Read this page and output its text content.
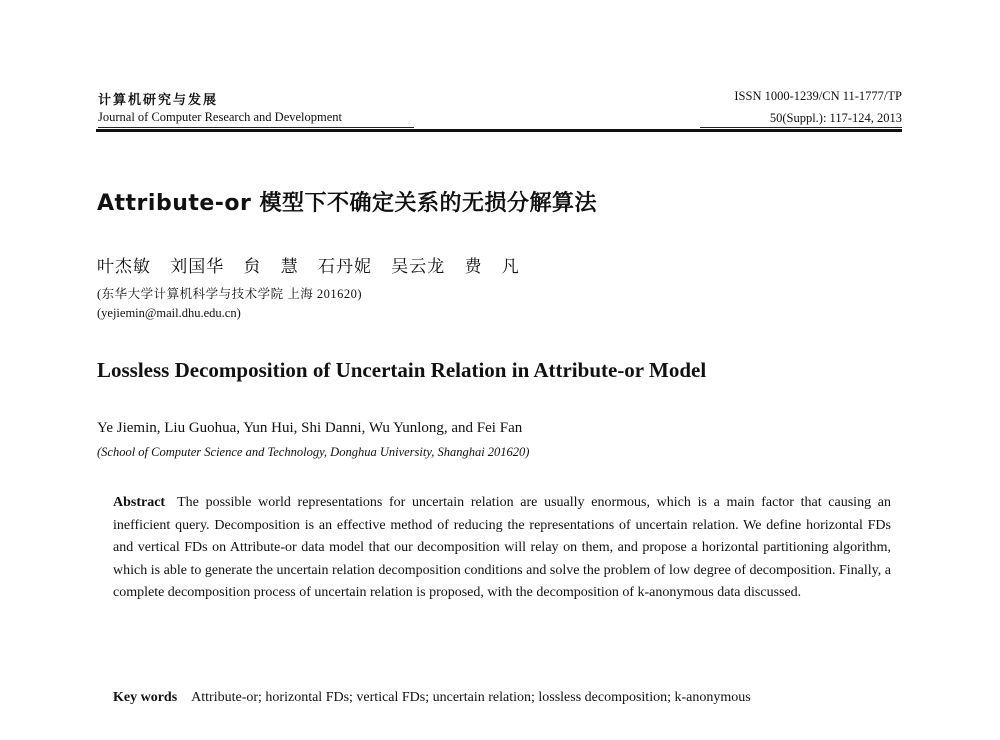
计算机研究与发展
Journal of Computer Research and Development
ISSN 1000-1239/CN 11-1777/TP
50(Suppl.): 117-124, 2013
Attribute-or 模型下不确定关系的无损分解算法
叶杰敏 刘国华 贠 慧 石丹妮 吴云龙 费 凡
(东华大学计算机科学与技术学院 上海 201620)
(yejiemin@mail.dhu.edu.cn)
Lossless Decomposition of Uncertain Relation in Attribute-or Model
Ye Jiemin, Liu Guohua, Yun Hui, Shi Danni, Wu Yunlong, and Fei Fan
(School of Computer Science and Technology, Donghua University, Shanghai 201620)
Abstract The possible world representations for uncertain relation are usually enormous, which is a main factor that causing an inefficient query. Decomposition is an effective method of reducing the representations of uncertain relation. We define horizontal FDs and vertical FDs on Attribute-or data model that our decomposition will relay on them, and propose a horizontal partitioning algorithm, which is able to generate the uncertain relation decomposition conditions and solve the problem of low degree of decomposition. Finally, a complete decomposition process of uncertain relation is proposed, with the decomposition of k-anonymous data discussed.
Key words Attribute-or; horizontal FDs; vertical FDs; uncertain relation; lossless decomposition; k-anonymous
